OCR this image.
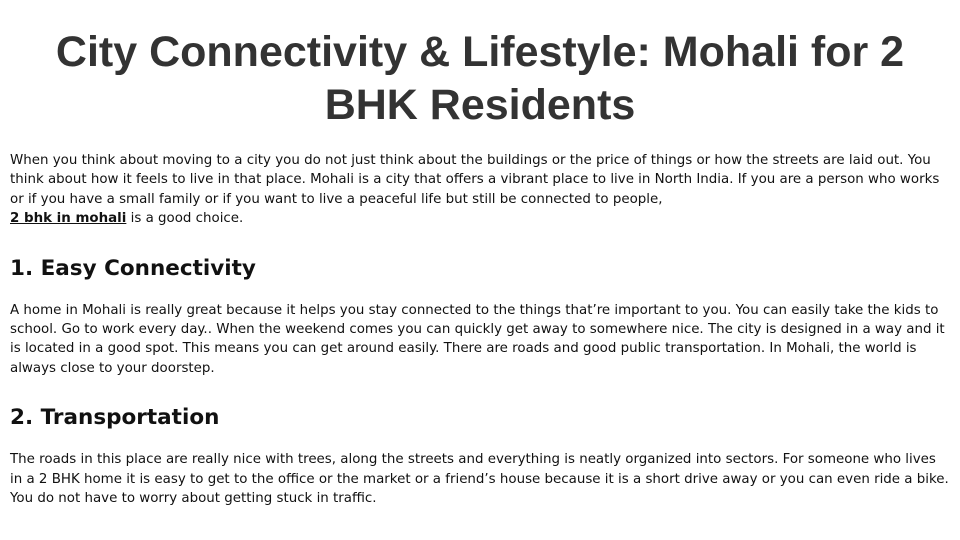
City Connectivity & Lifestyle: Mohali for 2 BHK Residents

When you think about moving to a city you do not just think about the buildings or the price of things or how the streets are laid out. You think about how it feels to live in that place. Mohali is a city that offers a vibrant place to live in North India. If you are a person who works or if you have a small family or if you want to live a peaceful life but still be connected to people,
2 bhk in mohali is a good choice.

1. Easy Connectivity

A home in Mohali is really great because it helps you stay connected to the things that’re important to you. You can easily take the kids to school. Go to work every day.. When the weekend comes you can quickly get away to somewhere nice. The city is designed in a way and it is located in a good spot. This means you can get around easily. There are roads and good public transportation. In Mohali, the world is always close to your doorstep.

2. Transportation

The roads in this place are really nice with trees, along the streets and everything is neatly organized into sectors. For someone who lives in a 2 BHK home it is easy to get to the office or the market or a friend’s house because it is a short drive away or you can even ride a bike. You do not have to worry about getting stuck in traffic.
